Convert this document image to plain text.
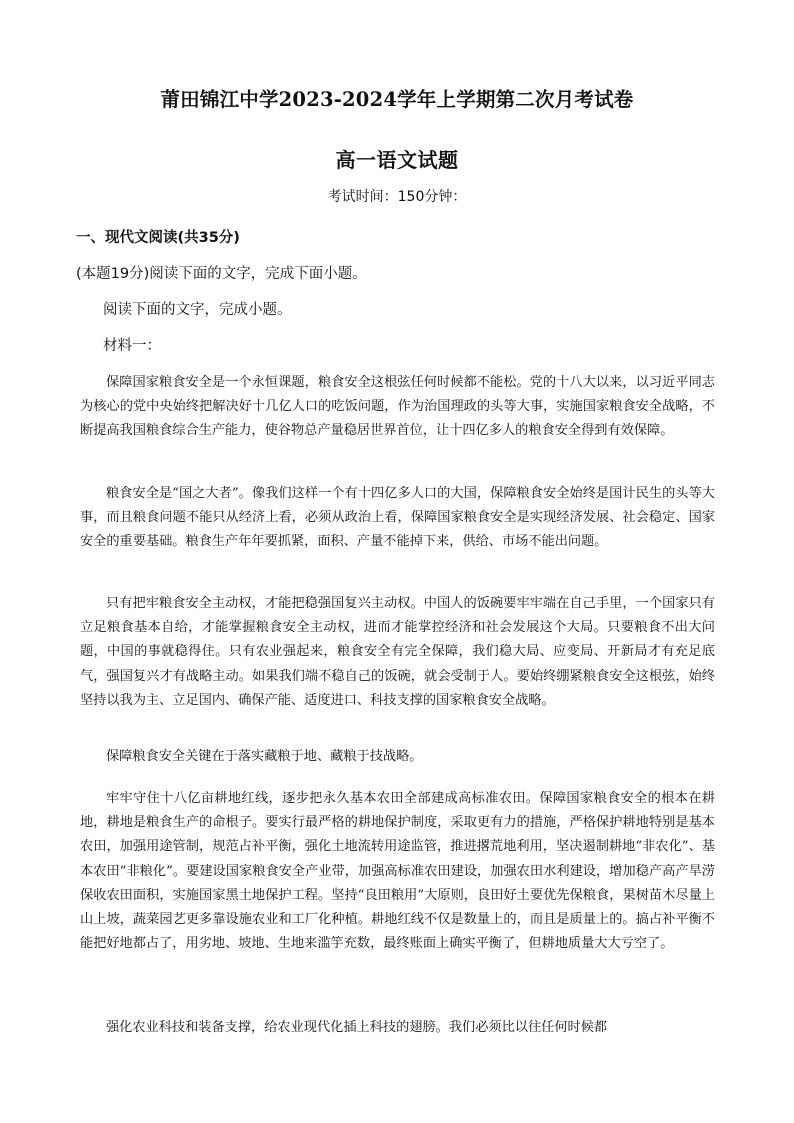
莆田锦江中学2023-2024学年上学期第二次月考试卷
高一语文试题
考试时间：150分钟：
一、现代文阅读(共35分)
(本题19分)阅读下面的文字，完成下面小题。
阅读下面的文字，完成小题。
材料一：

保障国家粮食安全是一个永恒课题，粮食安全这根弦任何时候都不能松。党的十八大以来，以习近平同志为核心的党中央始终把解决好十几亿人口的吃饭问题，作为治国理政的头等大事，实施国家粮食安全战略，不断提高我国粮食综合生产能力，使谷物总产量稳居世界首位，让十四亿多人的粮食安全得到有效保障。

粮食安全是“国之大者”。像我们这样一个有十四亿多人口的大国，保障粮食安全始终是国计民生的头等大事，而且粮食问题不能只从经济上看，必须从政治上看，保障国家粮食安全是实现经济发展、社会稳定、国家安全的重要基础。粮食生产年年要抓紧，面积、产量不能掉下来，供给、市场不能出问题。

只有把牢粮食安全主动权，才能把稳强国复兴主动权。中国人的饭碗要牢牢端在自己手里，一个国家只有立足粮食基本自给，才能掌握粮食安全主动权，进而才能掌控经济和社会发展这个大局。只要粮食不出大问题，中国的事就稳得住。只有农业强起来，粮食安全有完全保障，我们稳大局、应变局、开新局才有充足底气，强国复兴才有战略主动。如果我们端不稳自己的饭碗，就会受制于人。要始终绷紧粮食安全这根弦，始终坚持以我为主、立足国内、确保产能、适度进口、科技支撑的国家粮食安全战略。

保障粮食安全关键在于落实藏粮于地、藏粮于技战略。

牢牢守住十八亿亩耕地红线，逐步把永久基本农田全部建成高标准农田。保障国家粮食安全的根本在耕地，耕地是粮食生产的命根子。要实行最严格的耕地保护制度，采取更有力的措施，严格保护耕地特别是基本农田，加强用途管制，规范占补平衡，强化土地流转用途监管，推进撂荒地利用，坚决遏制耕地“非农化”、基本农田“非粮化”。要建设国家粮食安全产业带，加强高标准农田建设，加强农田水利建设，增加稳产高产旱涝保收农田面积，实施国家黑土地保护工程。坚持“良田粮用”大原则，良田好土要优先保粮食，果树苗木尽量上山上坡，蔬菜园艺更多靠设施农业和工厂化种植。耕地红线不仅是数量上的，而且是质量上的。搞占补平衡不能把好地都占了，用劣地、坡地、生地来滥竽充数，最终账面上确实平衡了，但耕地质量大大亏空了。

强化农业科技和装备支撑，给农业现代化插上科技的翅膀。我们必须比以往任何时候都
